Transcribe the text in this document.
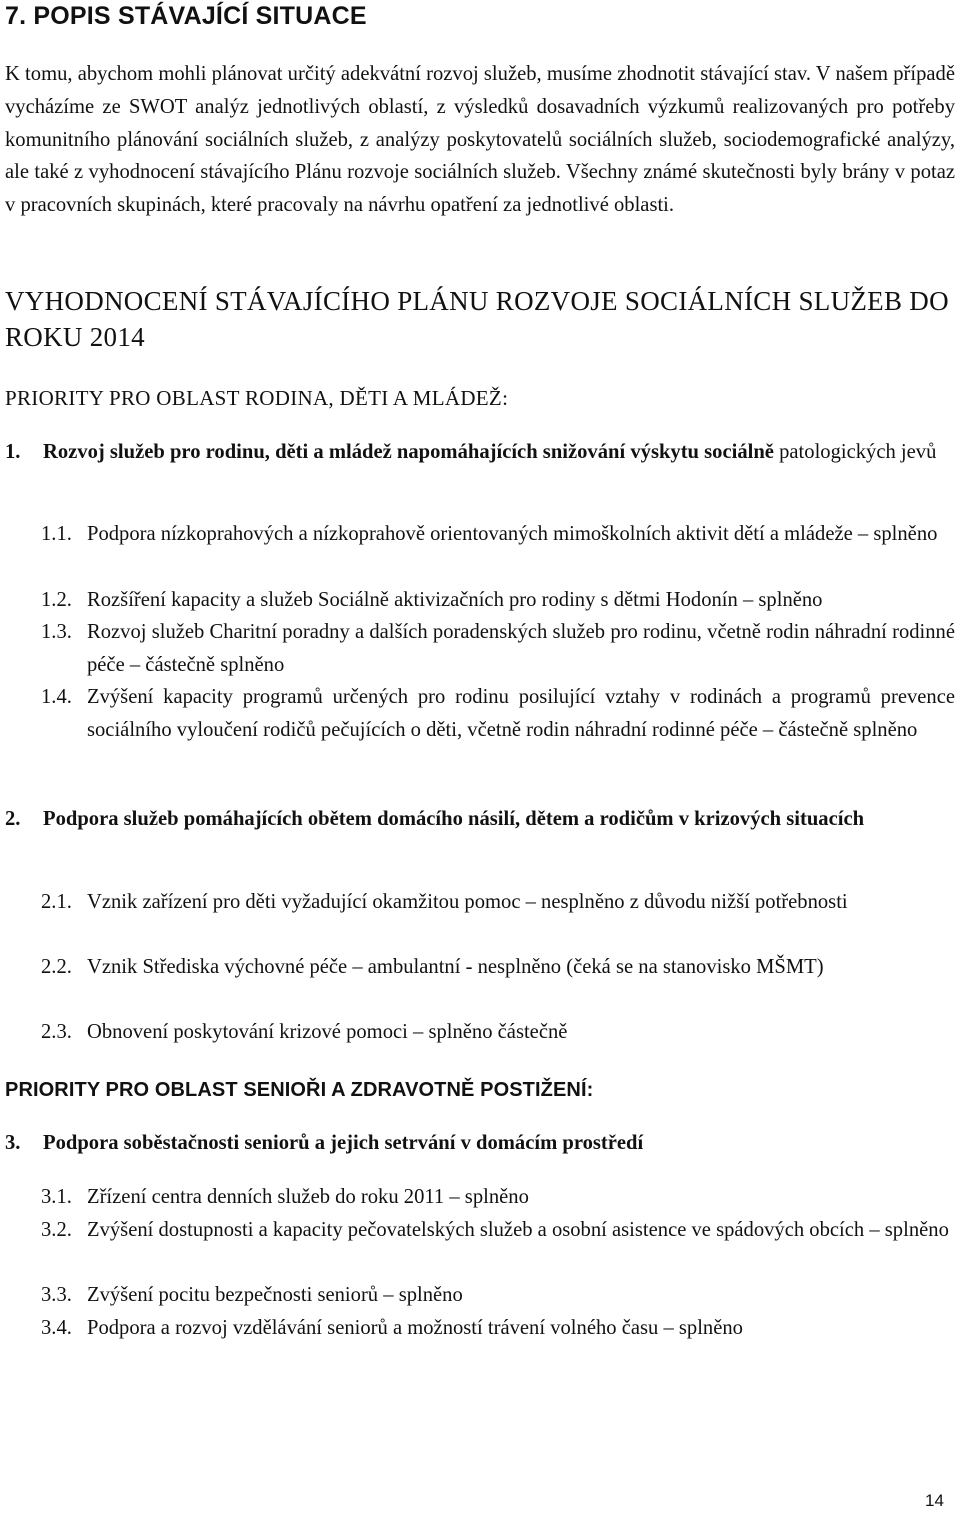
7. POPIS STÁVAJÍCÍ SITUACE

K tomu, abychom mohli plánovat určitý adekvátní rozvoj služeb, musíme zhodnotit stávající stav. V našem případě vycházíme ze SWOT analýz jednotlivých oblastí, z výsledků dosavadních výzkumů realizovaných pro potřeby komunitního plánování sociálních služeb, z analýzy poskytovatelů sociálních služeb, sociodemografické analýzy, ale také z vyhodnocení stávajícího Plánu rozvoje sociálních služeb. Všechny známé skutečnosti byly brány v potaz v pracovních skupinách, které pracovaly na návrhu opatření za jednotlivé oblasti.

VYHODNOCENÍ STÁVAJÍCÍHO PLÁNU ROZVOJE SOCIÁLNÍCH SLUŽEB DO ROKU 2014
PRIORITY PRO OBLAST RODINA, DĚTI A MLÁDEŽ:
1. Rozvoj služeb pro rodinu, děti a mládež napomáhajících snižování výskytu sociálně patologických jevů
1.1. Podpora nízkoprahových a nízkoprahově orientovaných mimoškolních aktivit dětí a mládeže – splněno
1.2. Rozšíření kapacity a služeb Sociálně aktivizačních pro rodiny s dětmi Hodonín – splněno
1.3. Rozvoj služeb Charitní poradny a dalších poradenských služeb pro rodinu, včetně rodin náhradní rodinné péče – částečně splněno
1.4. Zvýšení kapacity programů určených pro rodinu posilující vztahy v rodinách a programů prevence sociálního vyloučení rodičů pečujících o děti, včetně rodin náhradní rodinné péče – částečně splněno
2. Podpora služeb pomáhajících obětem domácího násilí, dětem a rodičům v krizových situacích
2.1. Vznik zařízení pro děti vyžadující okamžitou pomoc – nesplněno z důvodu nižší potřebnosti
2.2. Vznik Střediska výchovné péče – ambulantní - nesplněno (čeká se na stanovisko MŠMT)
2.3. Obnovení poskytování krizové pomoci – splněno částečně
PRIORITY PRO OBLAST SENIOŘI A ZDRAVOTNĚ POSTIŽENÍ:
3. Podpora soběstačnosti seniorů a jejich setrvání v domácím prostředí
3.1. Zřízení centra denních služeb do roku 2011 – splněno
3.2. Zvýšení dostupnosti a kapacity pečovatelských služeb a osobní asistence ve spádových obcích – splněno
3.3. Zvýšení pocitu bezpečnosti seniorů – splněno
3.4. Podpora a rozvoj vzdělávání seniorů a možností trávení volného času – splněno
14
